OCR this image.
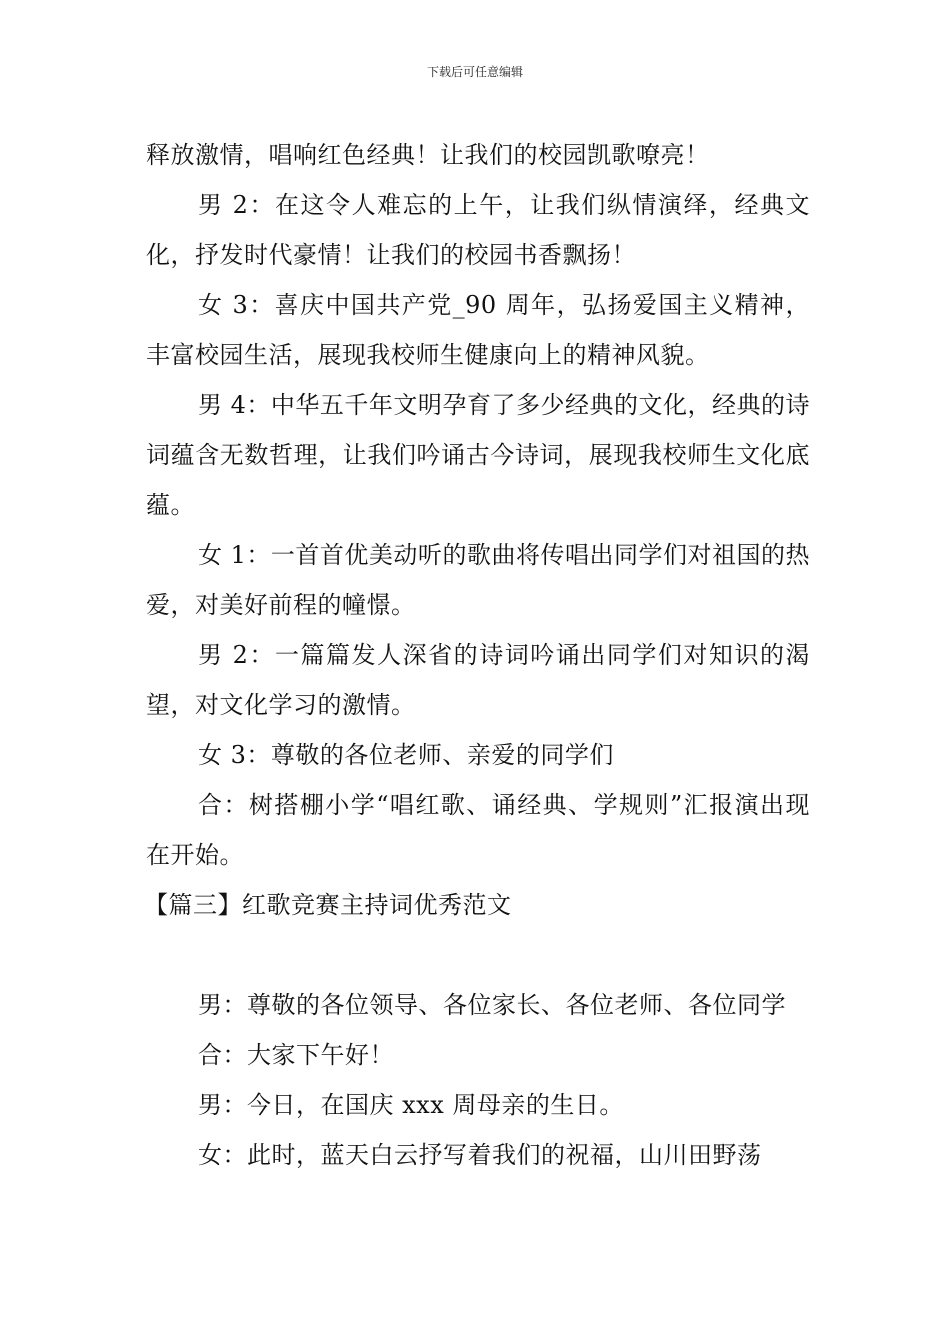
下载后可任意编辑

释放激情，唱响红色经典！让我们的校园凯歌嘹亮！

男 2：在这令人难忘的上午，让我们纵情演绎，经典文化，抒发时代豪情！让我们的校园书香飘扬！

女 3：喜庆中国共产党_90 周年，弘扬爱国主义精神，丰富校园生活，展现我校师生健康向上的精神风貌。

男 4：中华五千年文明孕育了多少经典的文化，经典的诗词蕴含无数哲理，让我们吟诵古今诗词，展现我校师生文化底蕴。

女 1：一首首优美动听的歌曲将传唱出同学们对祖国的热爱，对美好前程的幢憬。

男 2：一篇篇发人深省的诗词吟诵出同学们对知识的渴望，对文化学习的激情。

女 3：尊敬的各位老师、亲爱的同学们

合：树搭棚小学“唱红歌、诵经典、学规则”汇报演出现在开始。

【篇三】红歌竞赛主持词优秀范文

男：尊敬的各位领导、各位家长、各位老师、各位同学

合：大家下午好！

男：今日，在国庆 xxx 周母亲的生日。

女：此时，蓝天白云抒写着我们的祝福，山川田野荡
